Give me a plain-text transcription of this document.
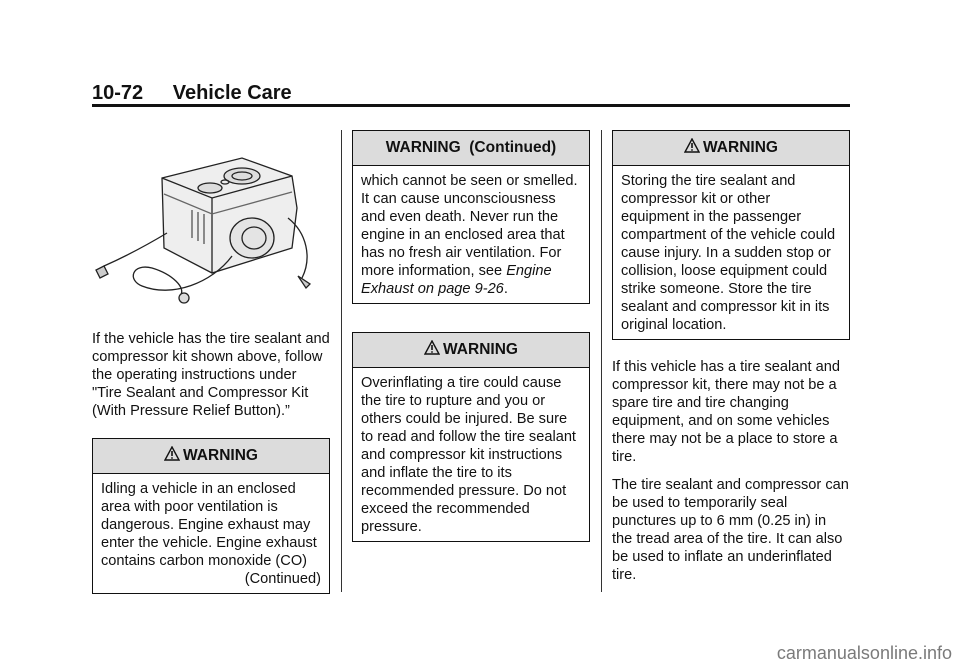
10-72 Vehicle Care

If the vehicle has the tire sealant and compressor kit shown above, follow the operating instructions under "Tire Sealant and Compressor Kit (With Pressure Relief Button).”

WARNING
Idling a vehicle in an enclosed area with poor ventilation is dangerous. Engine exhaust may enter the vehicle. Engine exhaust contains carbon monoxide (CO)
(Continued)
WARNING  (Continued)
which cannot be seen or smelled. It can cause unconsciousness and even death. Never run the engine in an enclosed area that has no fresh air ventilation. For more information, see Engine Exhaust on page 9-26.
WARNING
Overinflating a tire could cause the tire to rupture and you or others could be injured. Be sure to read and follow the tire sealant and compressor kit instructions and inflate the tire to its recommended pressure. Do not exceed the recommended pressure.
WARNING
Storing the tire sealant and compressor kit or other equipment in the passenger compartment of the vehicle could cause injury. In a sudden stop or collision, loose equipment could strike someone. Store the tire sealant and compressor kit in its original location.

If this vehicle has a tire sealant and compressor kit, there may not be a spare tire and tire changing equipment, and on some vehicles there may not be a place to store a tire.

The tire sealant and compressor can be used to temporarily seal punctures up to 6 mm (0.25 in) in the tread area of the tire. It can also be used to inflate an underinflated tire.

carmanualsonline.info
